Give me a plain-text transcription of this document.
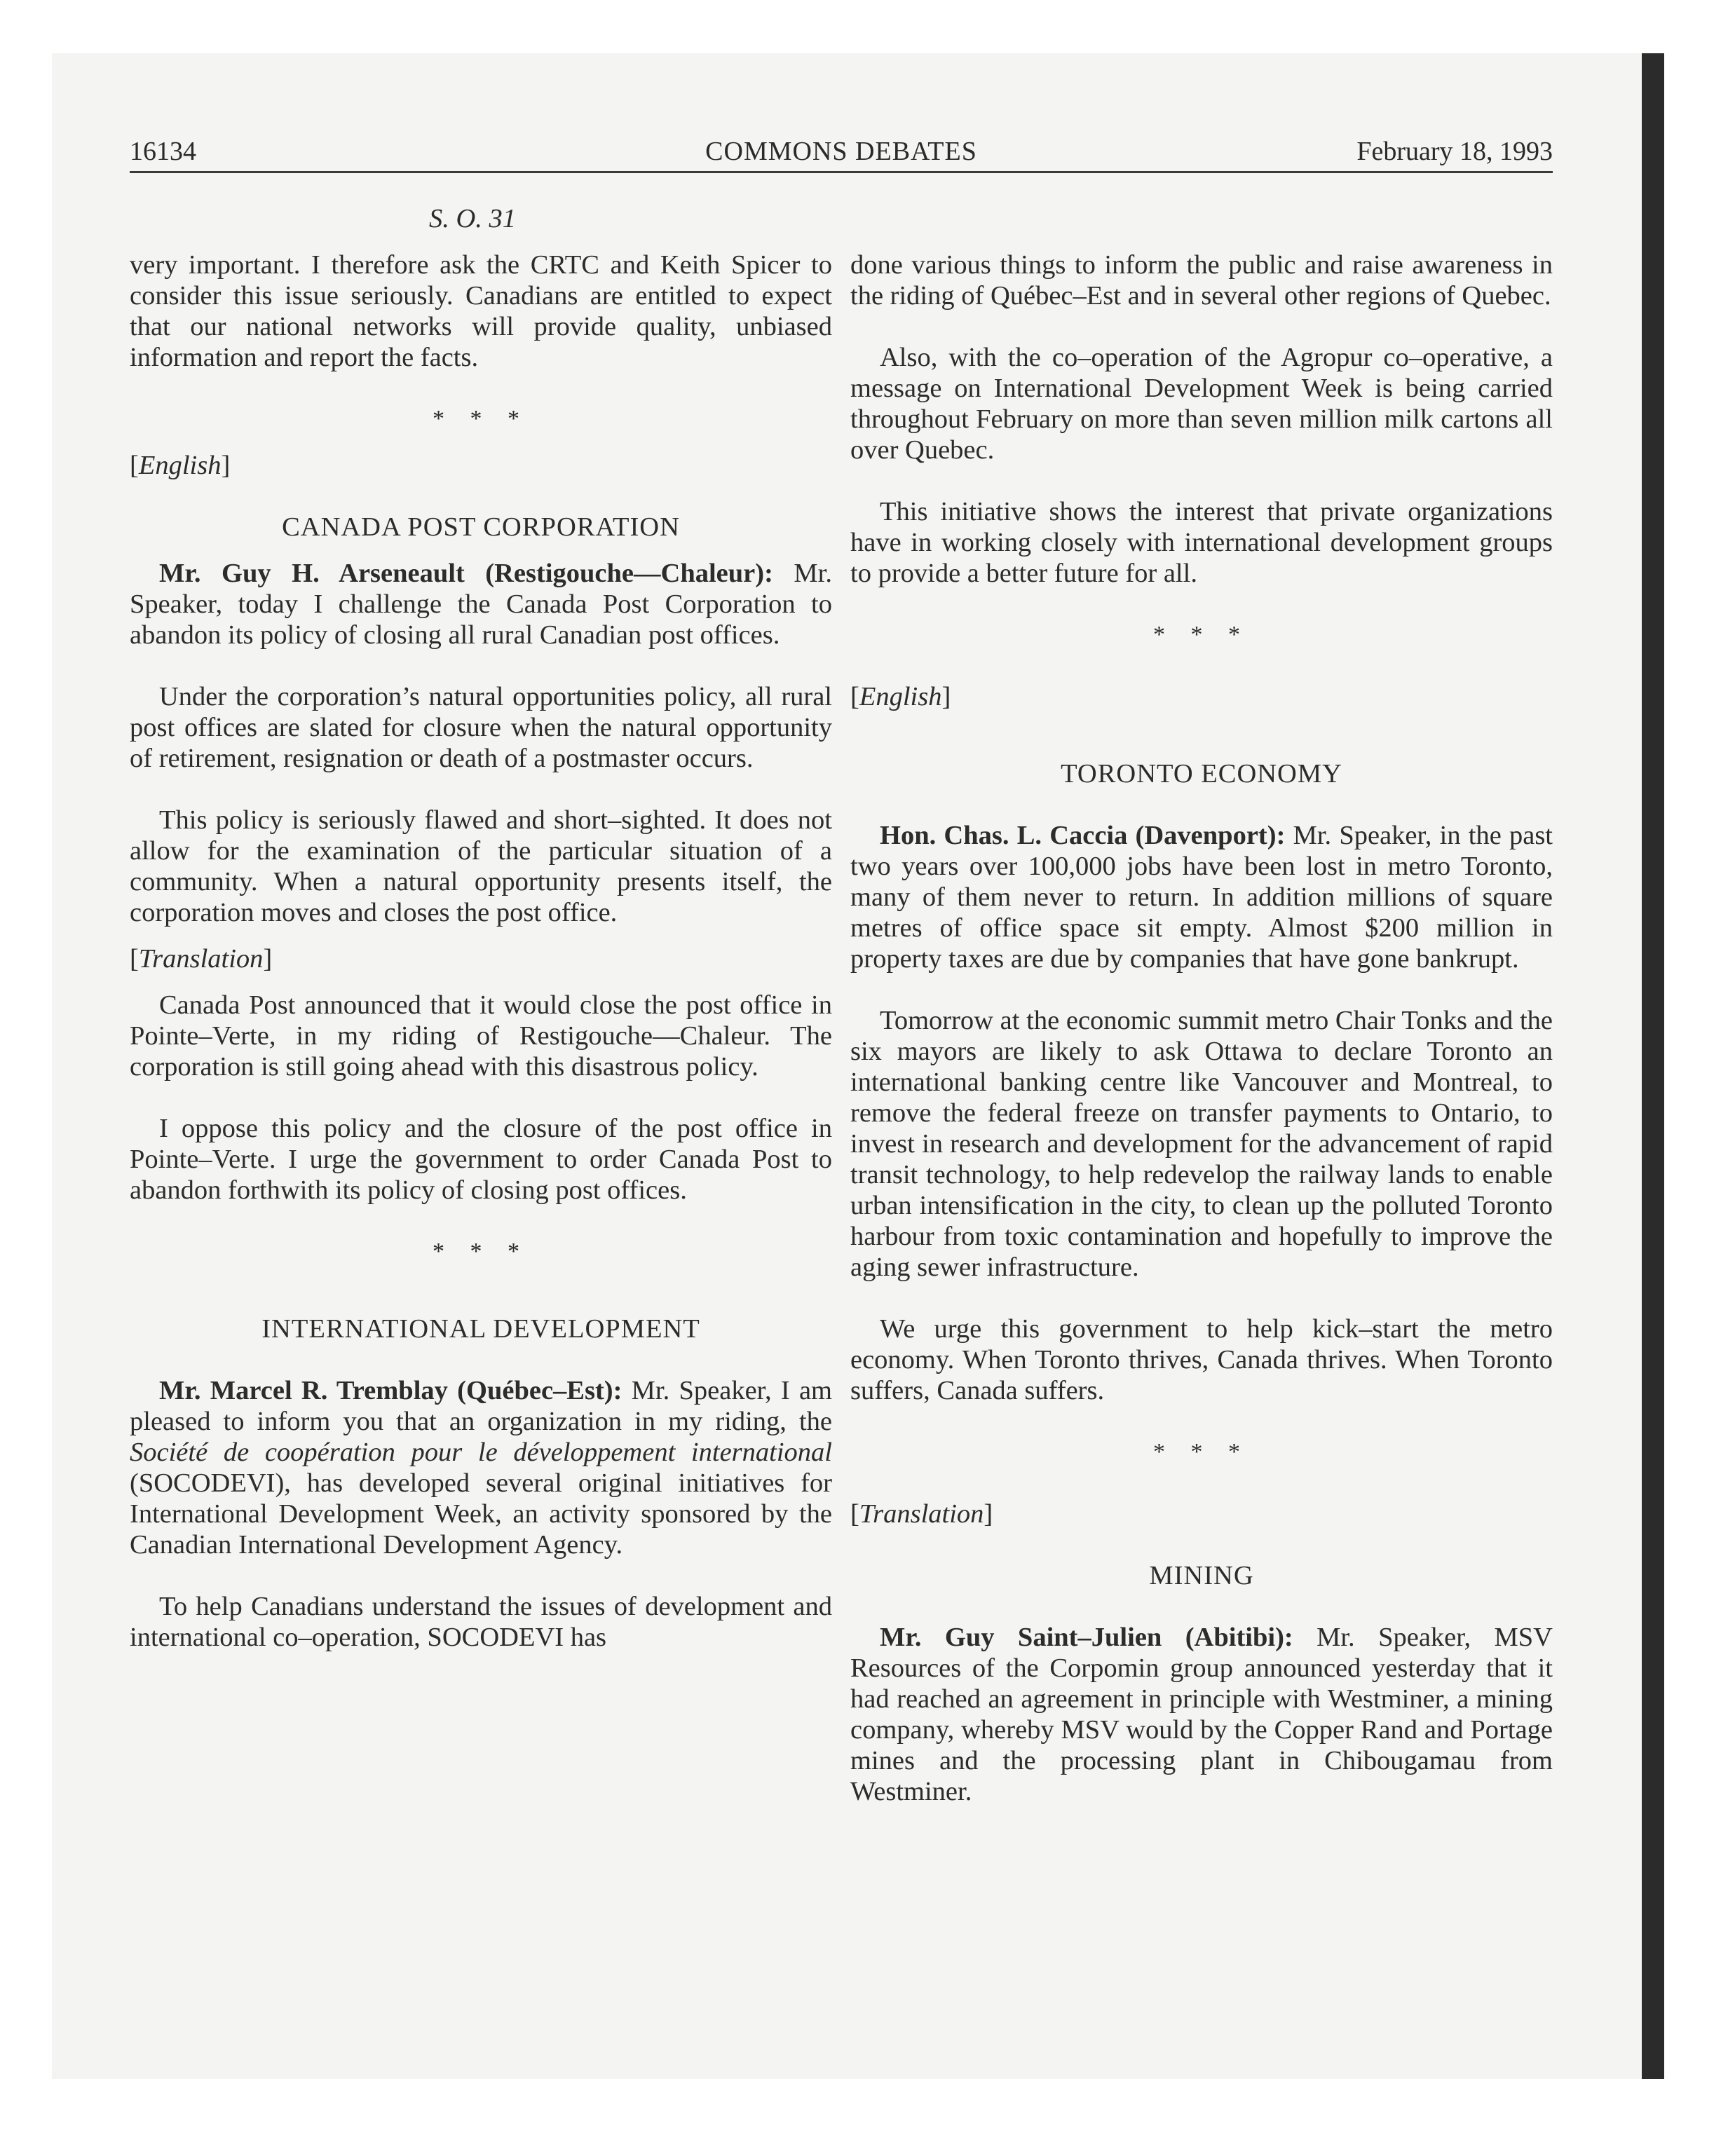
16134	COMMONS DEBATES	February 18, 1993
S. O. 31

very important. I therefore ask the CRTC and Keith Spicer to consider this issue seriously. Canadians are entitled to expect that our national networks will provide quality, unbiased information and report the facts.

* * *
[English]
CANADA POST CORPORATION

Mr. Guy H. Arseneault (Restigouche—Chaleur): Mr. Speaker, today I challenge the Canada Post Corporation to abandon its policy of closing all rural Canadian post offices.

Under the corporation’s natural opportunities policy, all rural post offices are slated for closure when the natural opportunity of retirement, resignation or death of a postmaster occurs.

This policy is seriously flawed and short–sighted. It does not allow for the examination of the particular situation of a community. When a natural opportunity presents itself, the corporation moves and closes the post office.

[Translation]

Canada Post announced that it would close the post office in Pointe–Verte, in my riding of Restigouche—Chaleur. The corporation is still going ahead with this disastrous policy.

I oppose this policy and the closure of the post office in Pointe–Verte. I urge the government to order Canada Post to abandon forthwith its policy of closing post offices.

* * *
INTERNATIONAL DEVELOPMENT

Mr. Marcel R. Tremblay (Québec–Est): Mr. Speaker, I am pleased to inform you that an organization in my riding, the Société de coopération pour le développement international (SOCODEVI), has developed several original initiatives for International Development Week, an activity sponsored by the Canadian International Development Agency.

To help Canadians understand the issues of development and international co–operation, SOCODEVI has

done various things to inform the public and raise awareness in the riding of Québec–Est and in several other regions of Quebec.

Also, with the co–operation of the Agropur co–operative, a message on International Development Week is being carried throughout February on more than seven million milk cartons all over Quebec.

This initiative shows the interest that private organizations have in working closely with international development groups to provide a better future for all.

* * *
[English]
TORONTO ECONOMY

Hon. Chas. L. Caccia (Davenport): Mr. Speaker, in the past two years over 100,000 jobs have been lost in metro Toronto, many of them never to return. In addition millions of square metres of office space sit empty. Almost $200 million in property taxes are due by companies that have gone bankrupt.

Tomorrow at the economic summit metro Chair Tonks and the six mayors are likely to ask Ottawa to declare Toronto an international banking centre like Vancouver and Montreal, to remove the federal freeze on transfer payments to Ontario, to invest in research and development for the advancement of rapid transit technology, to help redevelop the railway lands to enable urban intensification in the city, to clean up the polluted Toronto harbour from toxic contamination and hopefully to improve the aging sewer infrastructure.

We urge this government to help kick–start the metro economy. When Toronto thrives, Canada thrives. When Toronto suffers, Canada suffers.

* * *
[Translation]
MINING

Mr. Guy Saint–Julien (Abitibi): Mr. Speaker, MSV Resources of the Corpomin group announced yesterday that it had reached an agreement in principle with Westminer, a mining company, whereby MSV would by the Copper Rand and Portage mines and the processing plant in Chibougamau from Westminer.
